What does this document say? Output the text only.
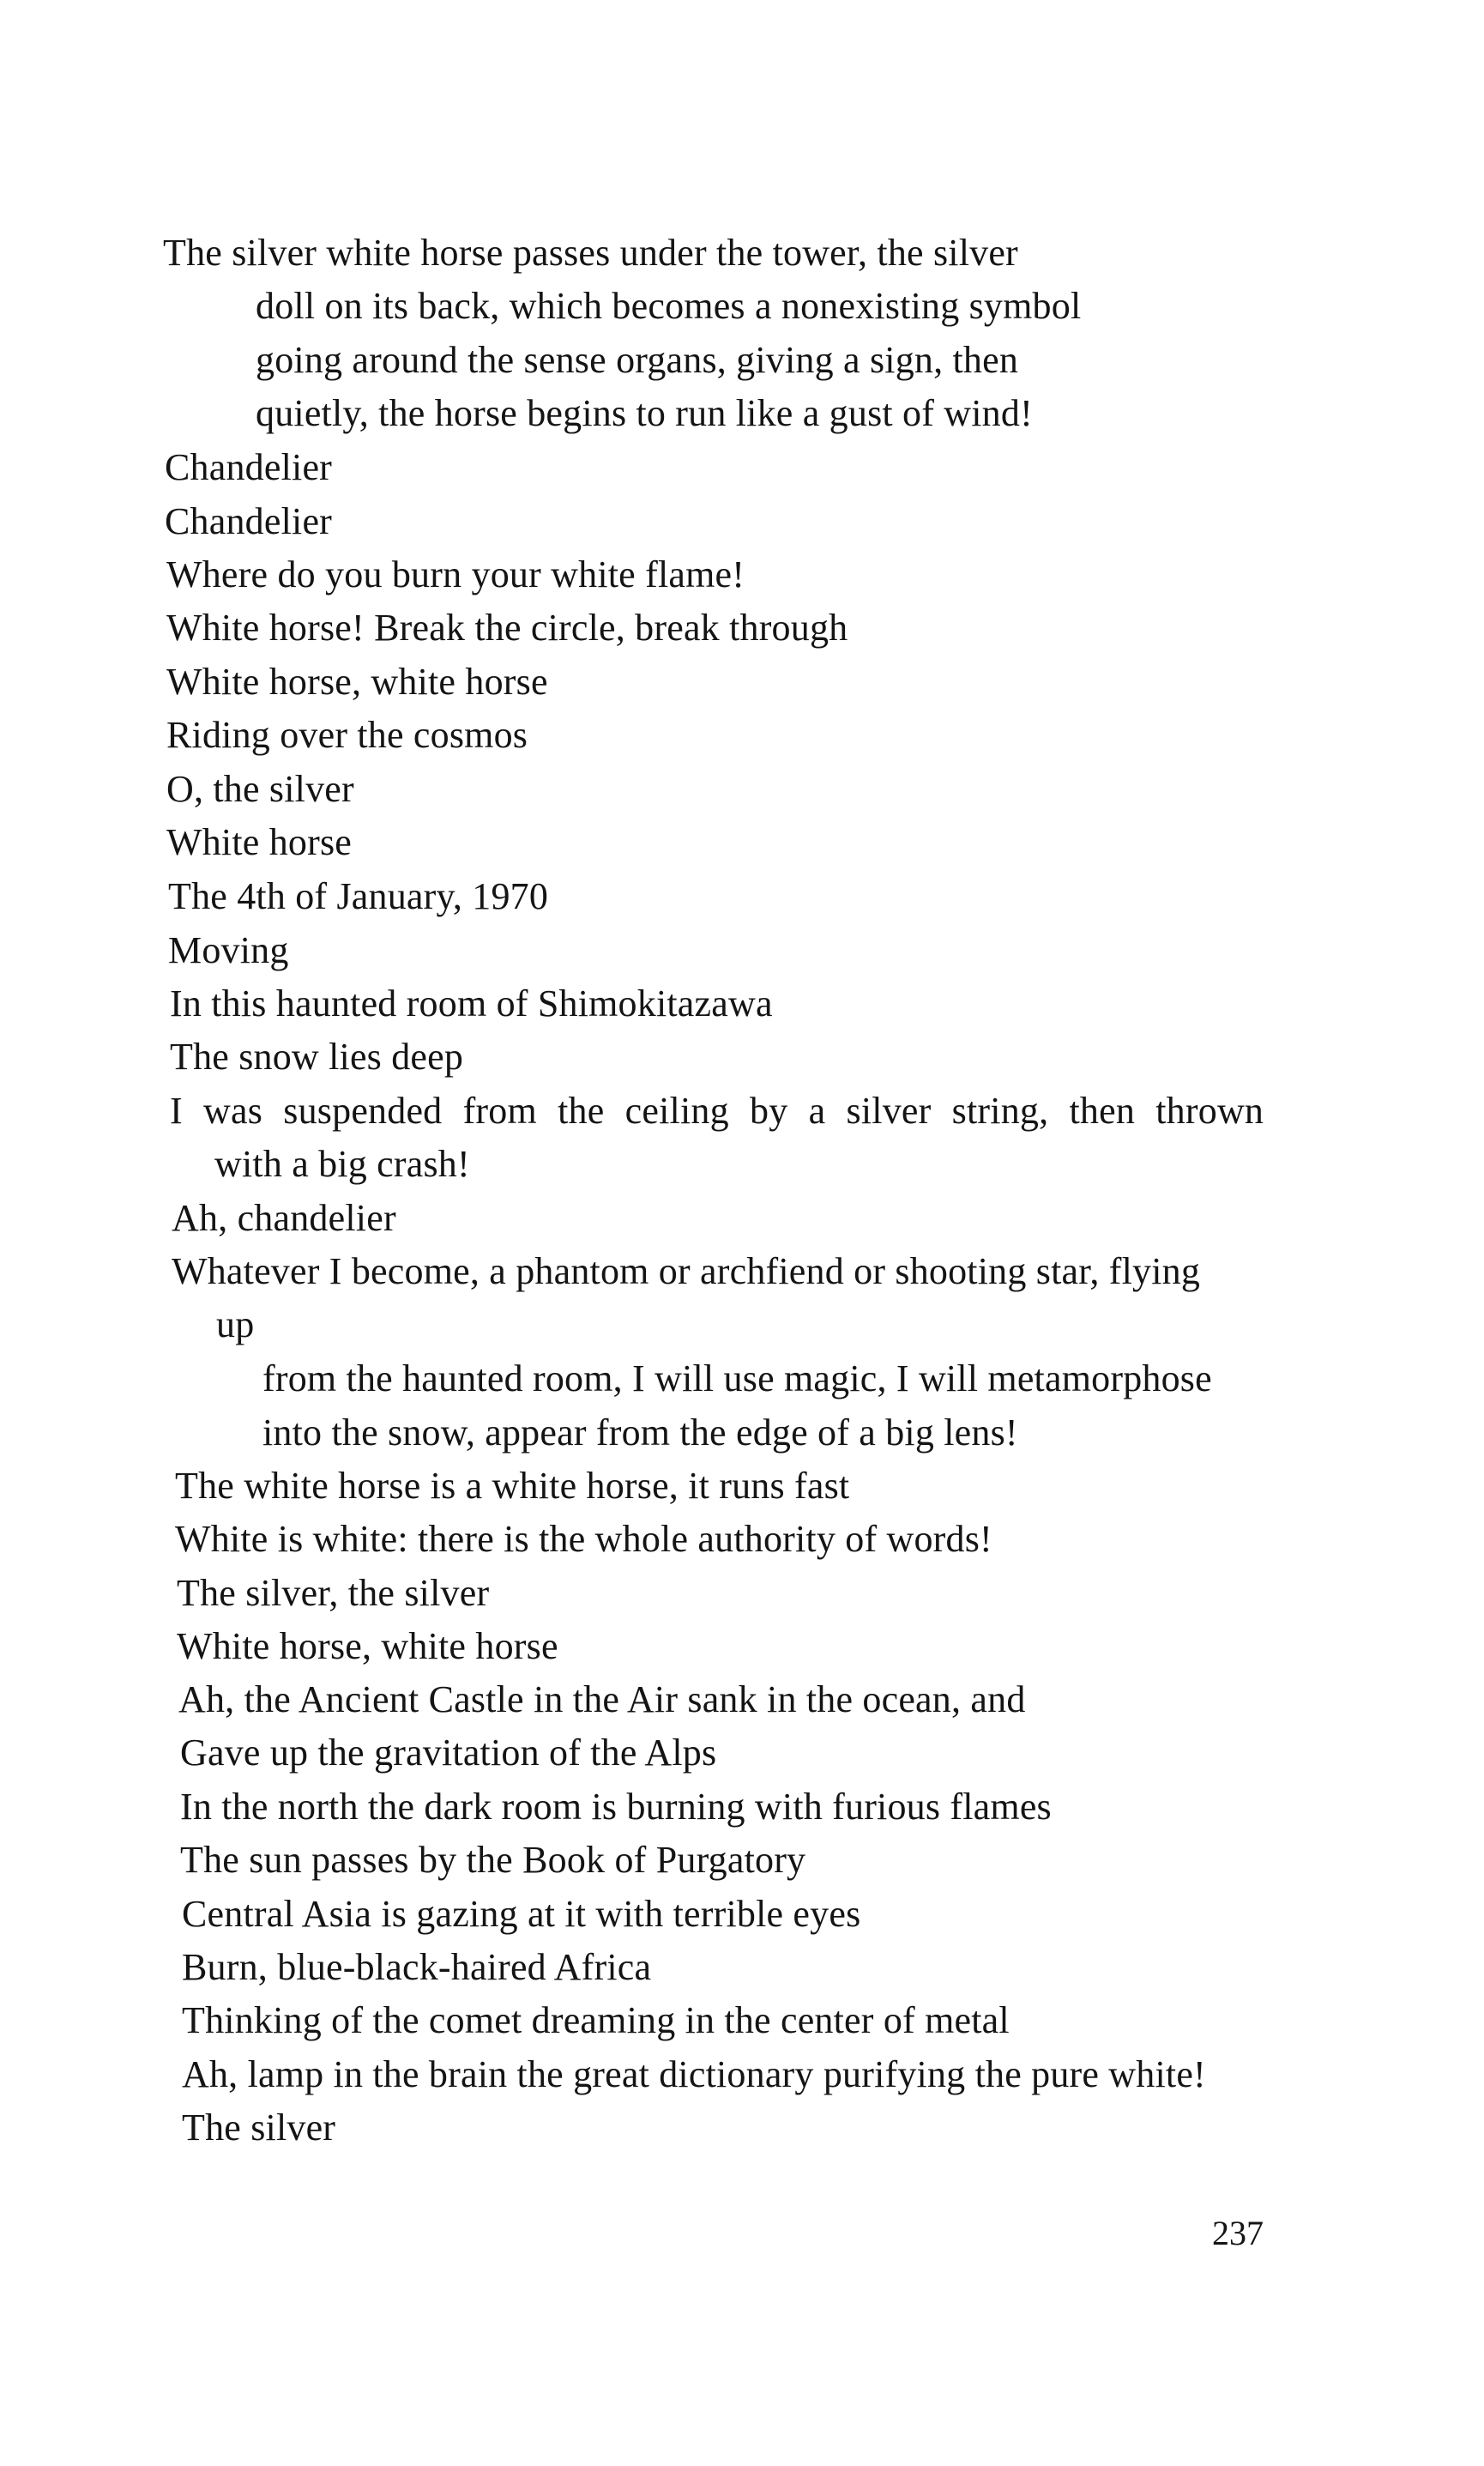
The silver white horse passes under the tower, the silver
doll on its back, which becomes a nonexisting symbol
going around the sense organs, giving a sign, then
quietly, the horse begins to run like a gust of wind!
Chandelier
Chandelier
Where do you burn your white flame!
White horse! Break the circle, break through
White horse, white horse
Riding over the cosmos
O, the silver
White horse
The 4th of January, 1970
Moving
In this haunted room of Shimokitazawa
The snow lies deep
I was suspended from the ceiling by a silver string, then thrown
with a big crash!
Ah, chandelier
Whatever I become, a phantom or archfiend or shooting star, flying
up
from the haunted room, I will use magic, I will metamorphose
into the snow, appear from the edge of a big lens!
The white horse is a white horse, it runs fast
White is white: there is the whole authority of words!
The silver, the silver
White horse, white horse
Ah, the Ancient Castle in the Air sank in the ocean, and
Gave up the gravitation of the Alps
In the north the dark room is burning with furious flames
The sun passes by the Book of Purgatory
Central Asia is gazing at it with terrible eyes
Burn, blue-black-haired Africa
Thinking of the comet dreaming in the center of metal
Ah, lamp in the brain the great dictionary purifying the pure white!
The silver
237
